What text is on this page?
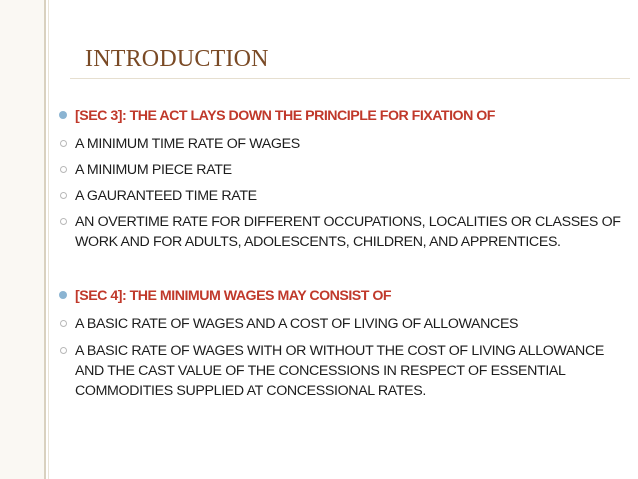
INTRODUCTION
[SEC 3]: THE ACT LAYS DOWN THE PRINCIPLE FOR FIXATION OF
A MINIMUM TIME RATE OF WAGES
A MINIMUM PIECE RATE
A GAURANTEED TIME RATE
AN OVERTIME RATE FOR DIFFERENT OCCUPATIONS, LOCALITIES OR CLASSES OF WORK AND FOR ADULTS, ADOLESCENTS, CHILDREN, AND APPRENTICES.
[SEC 4]: THE MINIMUM WAGES MAY CONSIST OF
A BASIC RATE OF WAGES AND A COST OF LIVING OF ALLOWANCES
A BASIC RATE OF WAGES WITH OR WITHOUT THE COST OF LIVING ALLOWANCE AND THE CAST VALUE OF THE CONCESSIONS IN RESPECT OF ESSENTIAL COMMODITIES SUPPLIED AT CONCESSIONAL RATES.
